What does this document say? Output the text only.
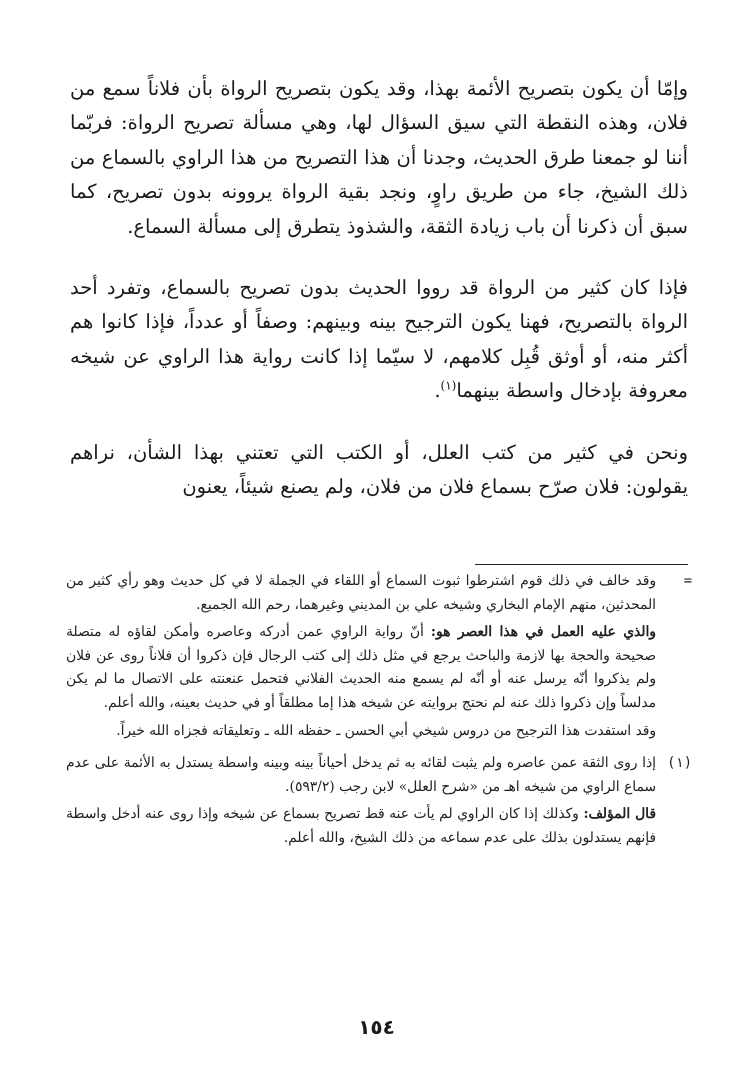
وإمّا أن يكون بتصريح الأئمة بهذا، وقد يكون بتصريح الرواة بأن فلاناً سمع من فلان، وهذه النقطة التي سيق السؤال لها، وهي مسألة تصريح الرواة: فربّما أننا لو جمعنا طرق الحديث، وجدنا أن هذا التصريح من هذا الراوي بالسماع من ذلك الشيخ، جاء من طريق راوٍ، ونجد بقية الرواة يروونه بدون تصريح، كما سبق أن ذكرنا أن باب زيادة الثقة، والشذوذ يتطرق إلى مسألة السماع.

فإذا كان كثير من الرواة قد رووا الحديث بدون تصريح بالسماع، وتفرد أحد الرواة بالتصريح، فهنا يكون الترجيح بينه وبينهم: وصفاً أو عدداً، فإذا كانوا هم أكثر منه، أو أوثق قُبِل كلامهم، لا سيّما إذا كانت رواية هذا الراوي عن شيخه معروفة بإدخال واسطة بينهما$^{(١)}$.

ونحن في كثير من كتب العلل، أو الكتب التي تعتني بهذا الشأن، نراهم يقولون: فلان صرّح بسماع فلان من فلان، ولم يصنع شيئاً، يعنون

=

وقد خالف في ذلك قوم اشترطوا ثبوت السماع أو اللقاء في الجملة لا في كل حديث وهو رأي كثير من المحدثين، منهم الإمام البخاري وشيخه علي بن المديني وغيرهما، رحم الله الجميع.

والذي عليه العمل في هذا العصر هو: أنّ رواية الراوي عمن أدركه وعاصره وأمكن لقاؤه له متصلة صحيحة والحجة بها لازمة والباحث يرجع في مثل ذلك إلى كتب الرجال فإن ذكروا أن فلاناً روى عن فلان ولم يذكروا أنّه يرسل عنه أو أنّه لم يسمع منه الحديث الفلاني فتحمل عنعنته على الاتصال ما لم يكن مدلساً وإن ذكروا ذلك عنه لم نحتج بروايته عن شيخه هذا إما مطلقاً أو في حديث بعينه، والله أعلم.

وقد استفدت هذا الترجيح من دروس شيخي أبي الحسن ـ حفظه الله ـ وتعليقاته فجزاه الله خيراً.

(١)

إذا روى الثقة عمن عاصره ولم يثبت لقائه به ثم يدخل أحياناً بينه وبينه واسطة يستدل به الأئمة على عدم سماع الراوي من شيخه اهـ من «شرح العلل» لابن رجب (٥٩٣/٢).

قال المؤلف: وكذلك إذا كان الراوي لم يأت عنه قط تصريح بسماع عن شيخه وإذا روى عنه أدخل واسطة فإنهم يستدلون بذلك على عدم سماعه من ذلك الشيخ، والله أعلم.

١٥٤
